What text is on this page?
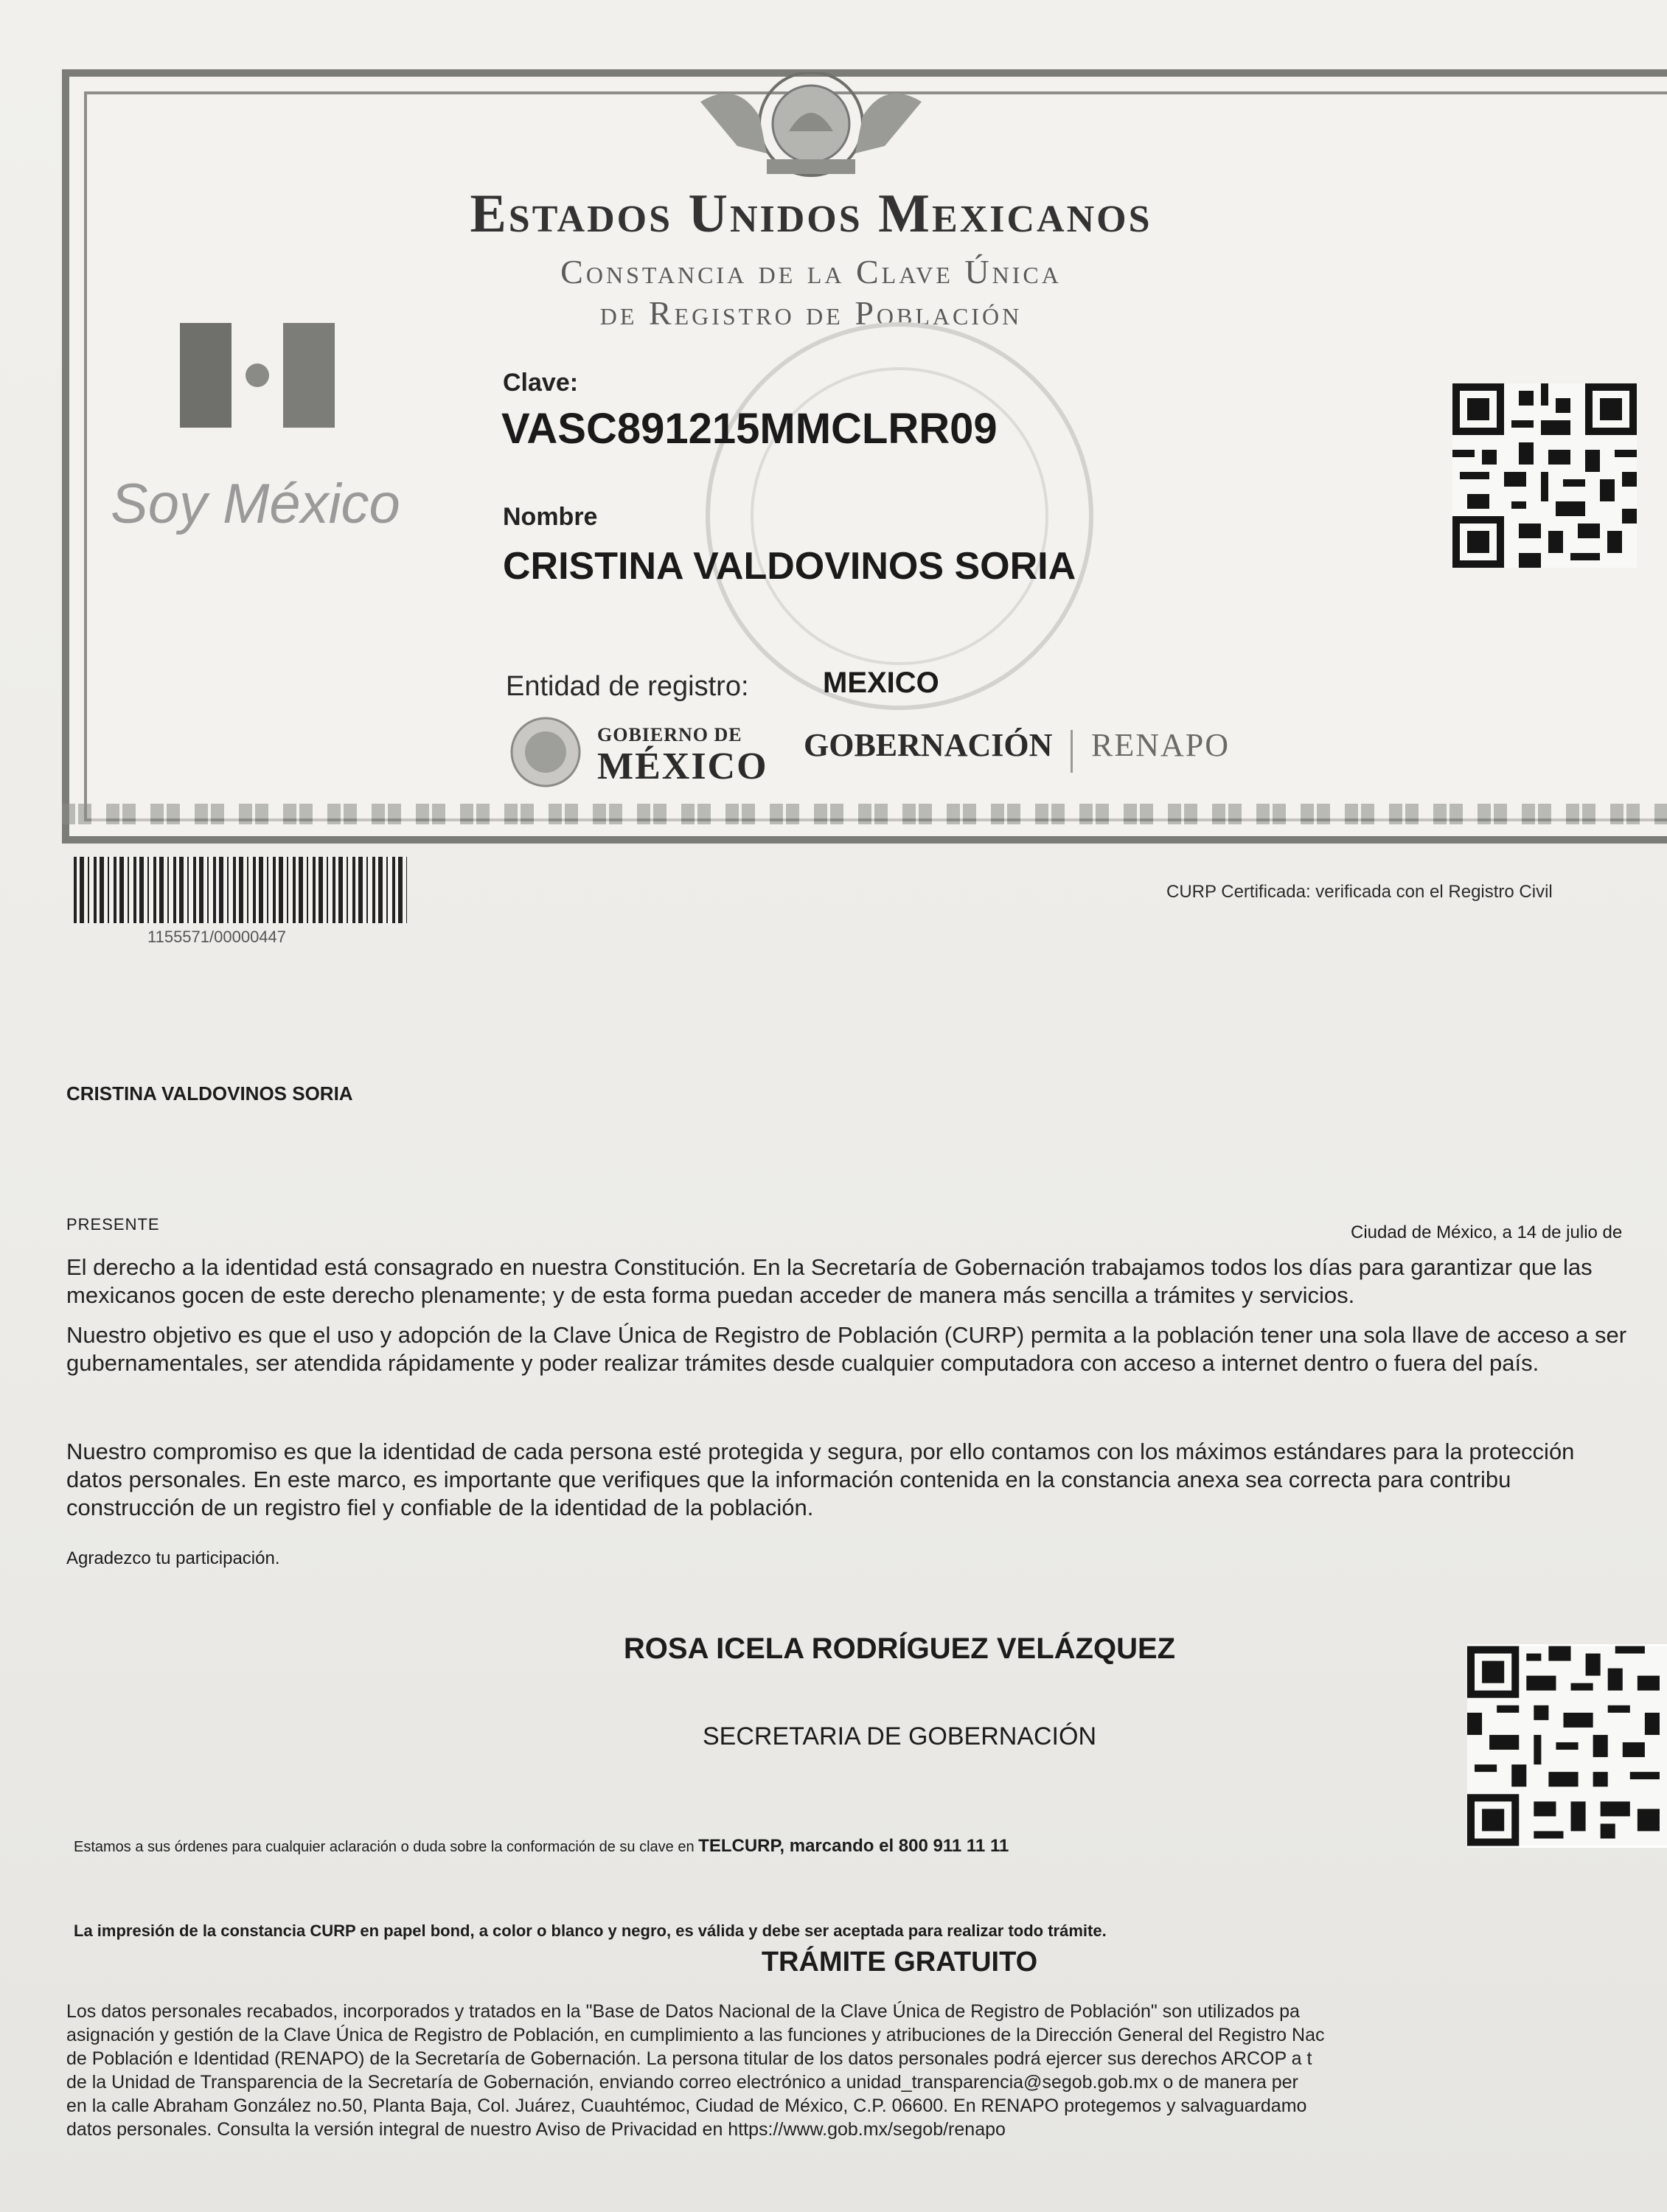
Estados Unidos Mexicanos
Constancia de la Clave Única
de Registro de Población
Soy México
Clave:
VASC891215MMCLRR09
Nombre
CRISTINA VALDOVINOS SORIA
Entidad de registro:	MEXICO
GOBIERNO DE
MÉXICO
GOBERNACIÓN RENAPO
1155571/00000447
CURP Certificada: verificada con el Registro Civil
CRISTINA VALDOVINOS SORIA
PRESENTE	Ciudad de México, a 14 de julio de

El derecho a la identidad está consagrado en nuestra Constitución. En la Secretaría de Gobernación trabajamos todos los días para garantizar que las

mexicanos gocen de este derecho plenamente; y de esta forma puedan acceder de manera más sencilla a trámites y servicios.

Nuestro objetivo es que el uso y adopción de la Clave Única de Registro de Población (CURP) permita a la población tener una sola llave de acceso a ser

gubernamentales, ser atendida rápidamente y poder realizar trámites desde cualquier computadora con acceso a internet dentro o fuera del país.

Nuestro compromiso es que la identidad de cada persona esté protegida y segura, por ello contamos con los máximos estándares para la protección

datos personales. En este marco, es importante que verifiques que la información contenida en la constancia anexa sea correcta para contribu

construcción de un registro fiel y confiable de la identidad de la población.

Agradezco tu participación.
ROSA ICELA RODRÍGUEZ VELÁZQUEZ
SECRETARIA DE GOBERNACIÓN
Estamos a sus órdenes para cualquier aclaración o duda sobre la conformación de su clave en TELCURP, marcando el 800 911 11 11
La impresión de la constancia CURP en papel bond, a color o blanco y negro, es válida y debe ser aceptada para realizar todo trámite.
TRÁMITE GRATUITO

Los datos personales recabados, incorporados y tratados en la "Base de Datos Nacional de la Clave Única de Registro de Población" son utilizados pa

asignación y gestión de la Clave Única de Registro de Población, en cumplimiento a las funciones y atribuciones de la Dirección General del Registro Nac

de Población e Identidad (RENAPO) de la Secretaría de Gobernación. La persona titular de los datos personales podrá ejercer sus derechos ARCOP a t

de la Unidad de Transparencia de la Secretaría de Gobernación, enviando correo electrónico a unidad_transparencia@segob.gob.mx o de manera per

en la calle Abraham González no.50, Planta Baja, Col. Juárez, Cuauhtémoc, Ciudad de México, C.P. 06600. En RENAPO protegemos y salvaguardamo

datos personales. Consulta la versión integral de nuestro Aviso de Privacidad en https://www.gob.mx/segob/renapo
